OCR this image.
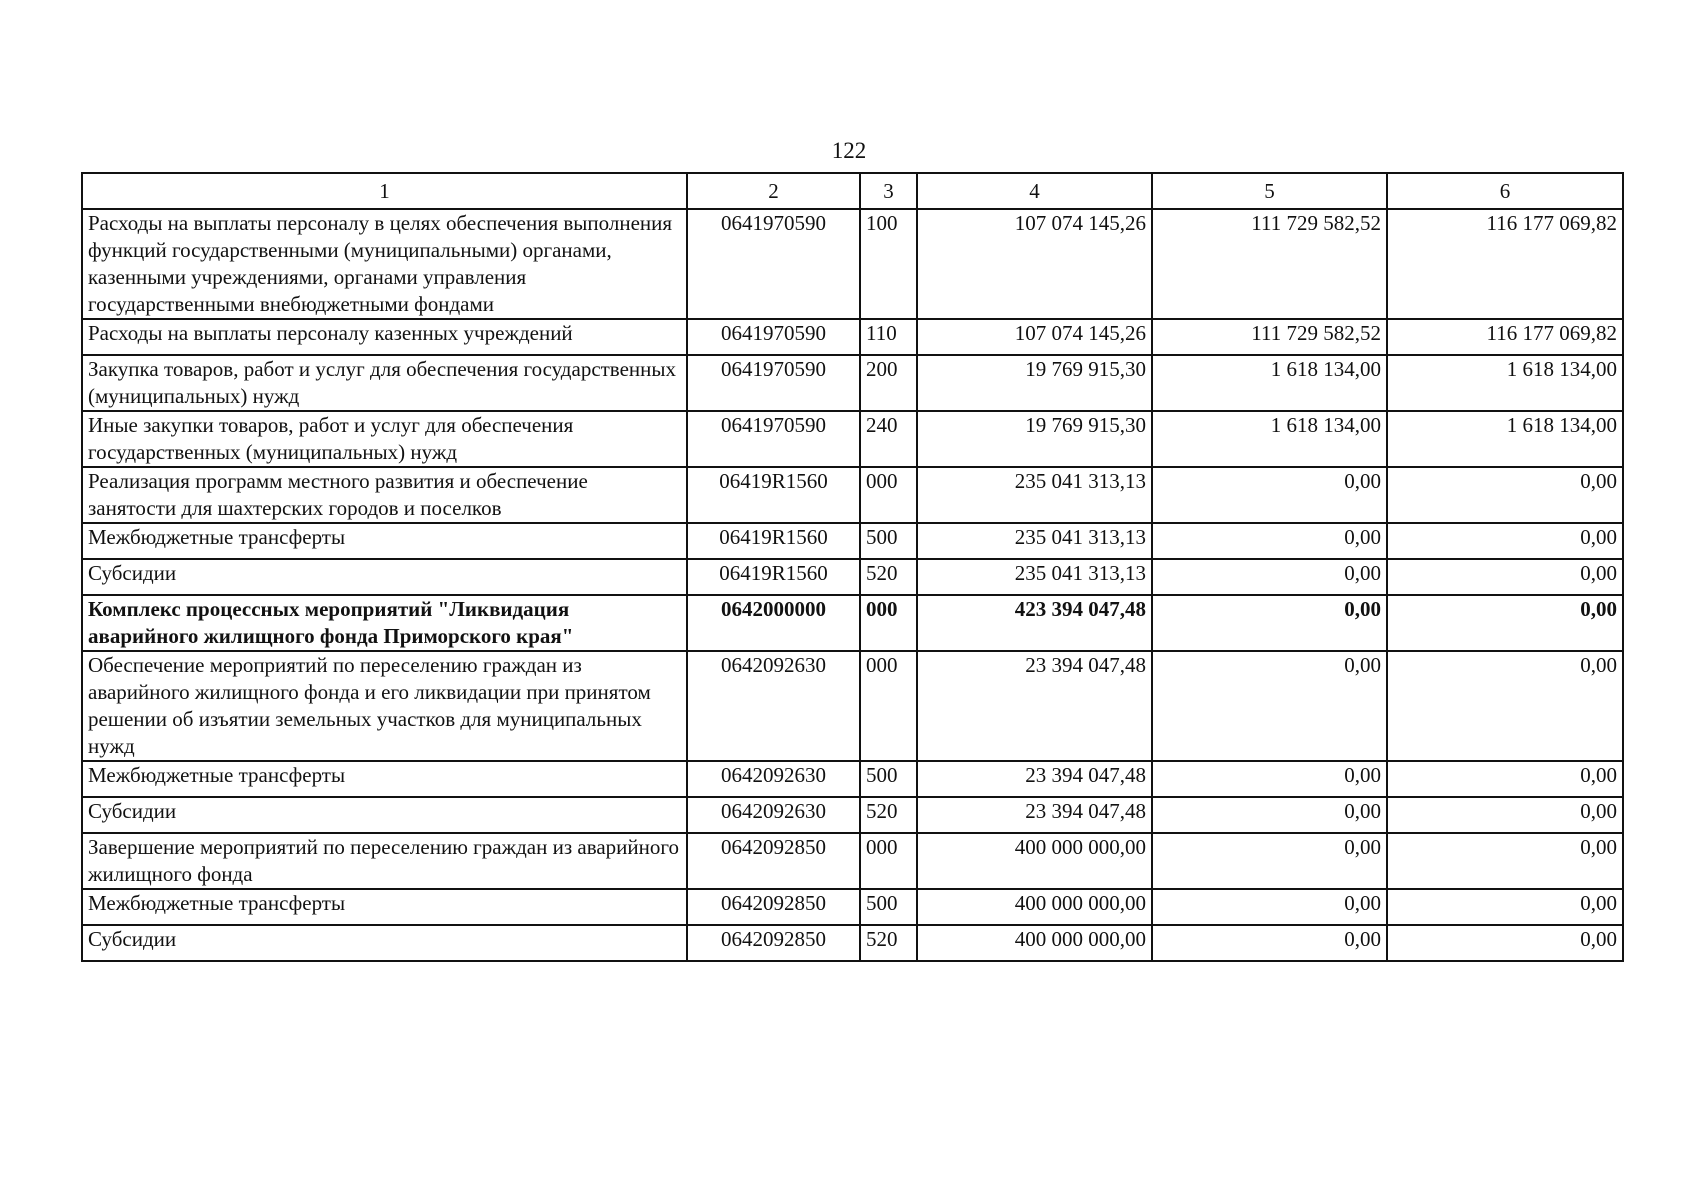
122
1	2	3	4	5	6
Расходы на выплаты персоналу в целях обеспечения выполнения функций государственными (муниципальными) органами, казенными учреждениями, органами управления государственными внебюджетными фондами	0641970590	100	107 074 145,26	111 729 582,52	116 177 069,82
Расходы на выплаты персоналу казенных учреждений	0641970590	110	107 074 145,26	111 729 582,52	116 177 069,82
Закупка товаров, работ и услуг для обеспечения государственных (муниципальных) нужд	0641970590	200	19 769 915,30	1 618 134,00	1 618 134,00
Иные закупки товаров, работ и услуг для обеспечения государственных (муниципальных) нужд	0641970590	240	19 769 915,30	1 618 134,00	1 618 134,00
Реализация программ местного развития и обеспечение занятости для шахтерских городов и поселков	06419R1560	000	235 041 313,13	0,00	0,00
Межбюджетные трансферты	06419R1560	500	235 041 313,13	0,00	0,00
Субсидии	06419R1560	520	235 041 313,13	0,00	0,00
Комплекс процессных мероприятий "Ликвидация аварийного жилищного фонда Приморского края"	0642000000	000	423 394 047,48	0,00	0,00
Обеспечение мероприятий по переселению граждан из аварийного жилищного фонда и его ликвидации при принятом решении об изъятии земельных участков для муниципальных нужд	0642092630	000	23 394 047,48	0,00	0,00
Межбюджетные трансферты	0642092630	500	23 394 047,48	0,00	0,00
Субсидии	0642092630	520	23 394 047,48	0,00	0,00
Завершение мероприятий по переселению граждан из аварийного жилищного фонда	0642092850	000	400 000 000,00	0,00	0,00
Межбюджетные трансферты	0642092850	500	400 000 000,00	0,00	0,00
Субсидии	0642092850	520	400 000 000,00	0,00	0,00
